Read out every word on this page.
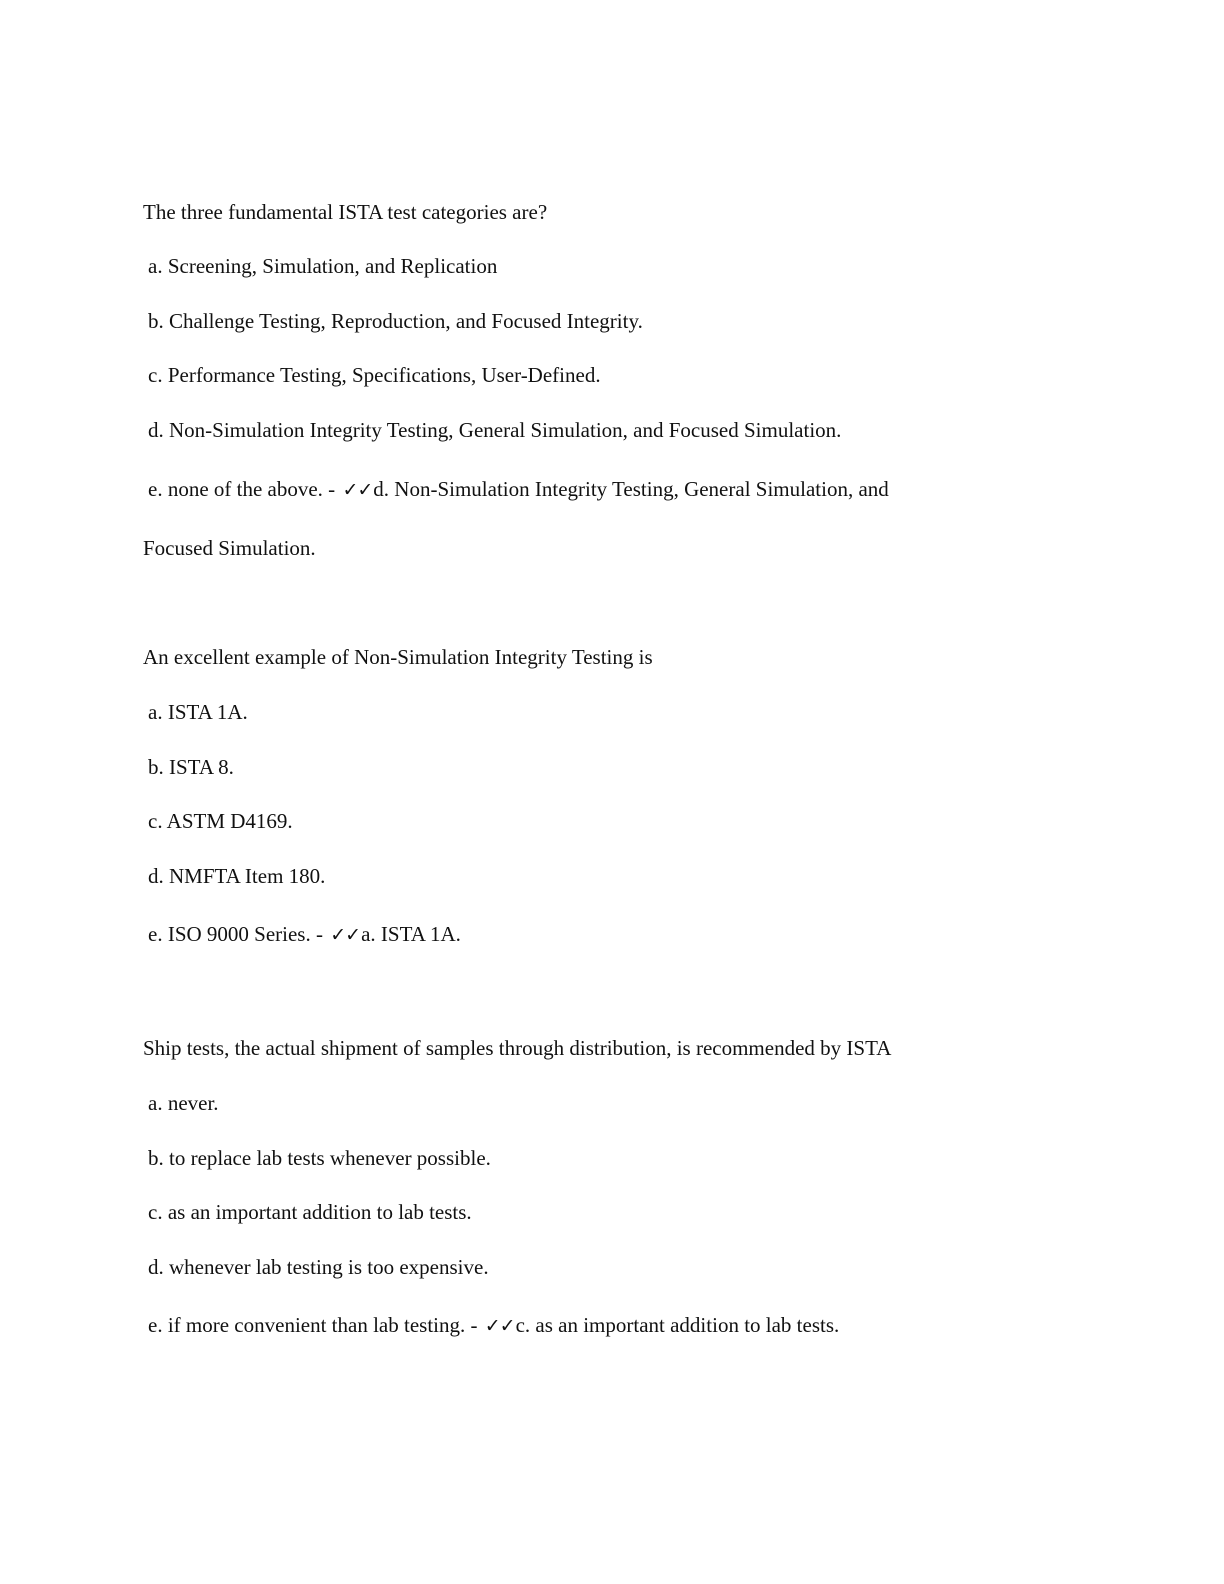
The three fundamental ISTA test categories are?
a. Screening, Simulation, and Replication
b. Challenge Testing, Reproduction, and Focused Integrity.
c. Performance Testing, Specifications, User-Defined.
d. Non-Simulation Integrity Testing, General Simulation, and Focused Simulation.
e. none of the above. - ✓✓d. Non-Simulation Integrity Testing, General Simulation, and
Focused Simulation.
An excellent example of Non-Simulation Integrity Testing is
a. ISTA 1A.
b. ISTA 8.
c. ASTM D4169.
d. NMFTA Item 180.
e. ISO 9000 Series. - ✓✓a. ISTA 1A.
Ship tests, the actual shipment of samples through distribution, is recommended by ISTA
a. never.
b. to replace lab tests whenever possible.
c. as an important addition to lab tests.
d. whenever lab testing is too expensive.
e. if more convenient than lab testing. - ✓✓c. as an important addition to lab tests.
